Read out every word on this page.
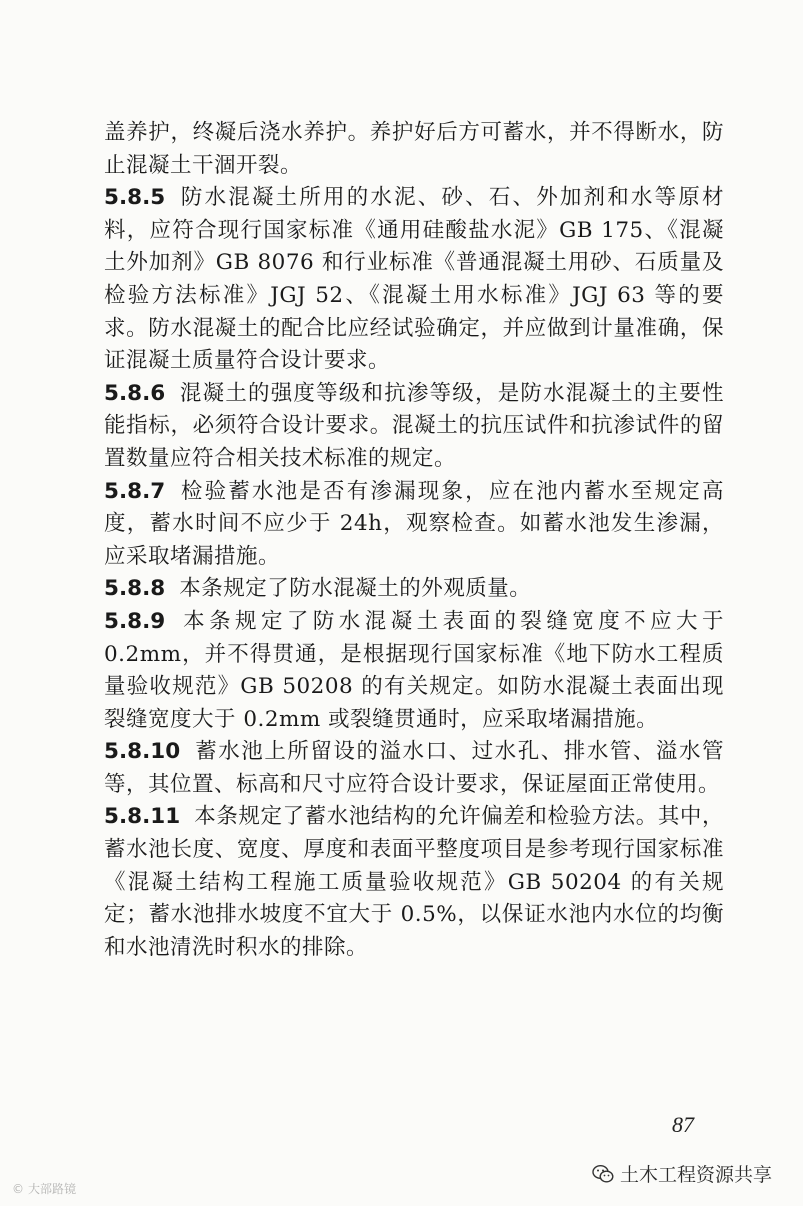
盖养护，终凝后浇水养护。养护好后方可蓄水，并不得断水，防止混凝土干涸开裂。

5.8.5 防水混凝土所用的水泥、砂、石、外加剂和水等原材料，应符合现行国家标准《通用硅酸盐水泥》GB 175、《混凝土外加剂》GB 8076 和行业标准《普通混凝土用砂、石质量及检验方法标准》JGJ 52、《混凝土用水标准》JGJ 63 等的要求。防水混凝土的配合比应经试验确定，并应做到计量准确，保证混凝土质量符合设计要求。

5.8.6 混凝土的强度等级和抗渗等级，是防水混凝土的主要性能指标，必须符合设计要求。混凝土的抗压试件和抗渗试件的留置数量应符合相关技术标准的规定。

5.8.7 检验蓄水池是否有渗漏现象，应在池内蓄水至规定高度，蓄水时间不应少于 24h，观察检查。如蓄水池发生渗漏，应采取堵漏措施。

5.8.8 本条规定了防水混凝土的外观质量。

5.8.9 本条规定了防水混凝土表面的裂缝宽度不应大于 0.2mm，并不得贯通，是根据现行国家标准《地下防水工程质量验收规范》GB 50208 的有关规定。如防水混凝土表面出现裂缝宽度大于 0.2mm 或裂缝贯通时，应采取堵漏措施。

5.8.10 蓄水池上所留设的溢水口、过水孔、排水管、溢水管等，其位置、标高和尺寸应符合设计要求，保证屋面正常使用。

5.8.11 本条规定了蓄水池结构的允许偏差和检验方法。其中，蓄水池长度、宽度、厚度和表面平整度项目是参考现行国家标准《混凝土结构工程施工质量验收规范》GB 50204 的有关规定；蓄水池排水坡度不宜大于 0.5%，以保证水池内水位的均衡和水池清洗时积水的排除。

87
© 大部路镜
土木工程资源共享
